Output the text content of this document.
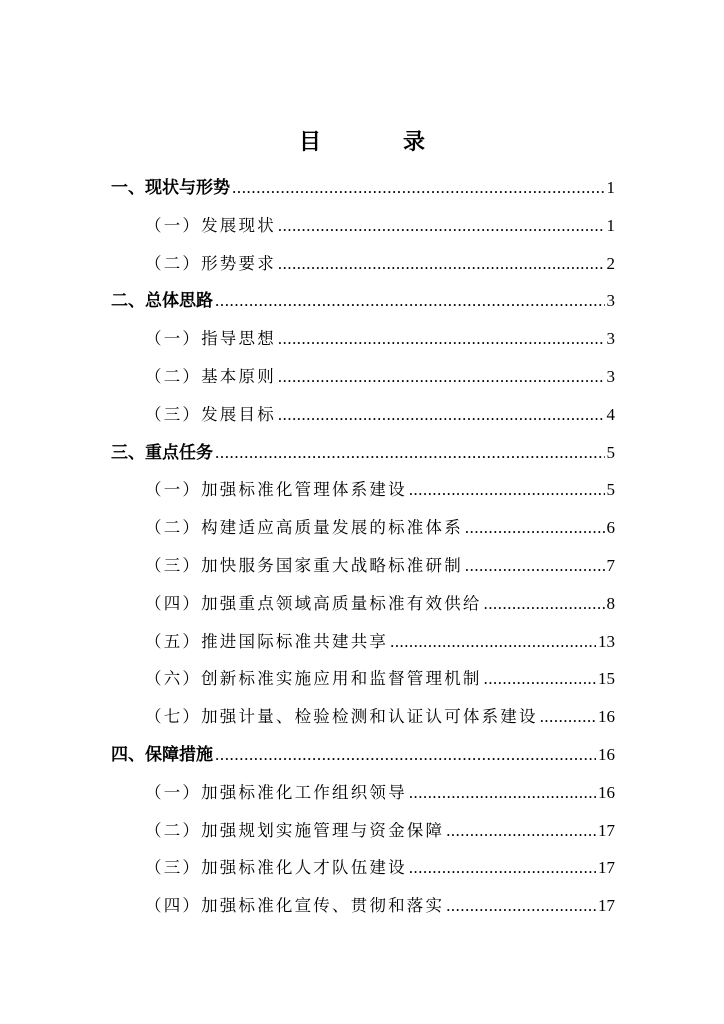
目　录
一、现状与形势 .....	1
（一）发展现状 .....	1
（二）形势要求 .....	2
二、总体思路 .....	3
（一）指导思想 .....	3
（二）基本原则 .....	3
（三）发展目标 .....	4
三、重点任务 .....	5
（一）加强标准化管理体系建设 .....	5
（二）构建适应高质量发展的标准体系 .....	6
（三）加快服务国家重大战略标准研制 .....	7
（四）加强重点领域高质量标准有效供给 .....	8
（五）推进国际标准共建共享 .....	13
（六）创新标准实施应用和监督管理机制 .....	15
（七）加强计量、检验检测和认证认可体系建设 .....	16
四、保障措施 .....	16
（一）加强标准化工作组织领导 .....	16
（二）加强规划实施管理与资金保障 .....	17
（三）加强标准化人才队伍建设 .....	17
（四）加强标准化宣传、贯彻和落实 .....	17
